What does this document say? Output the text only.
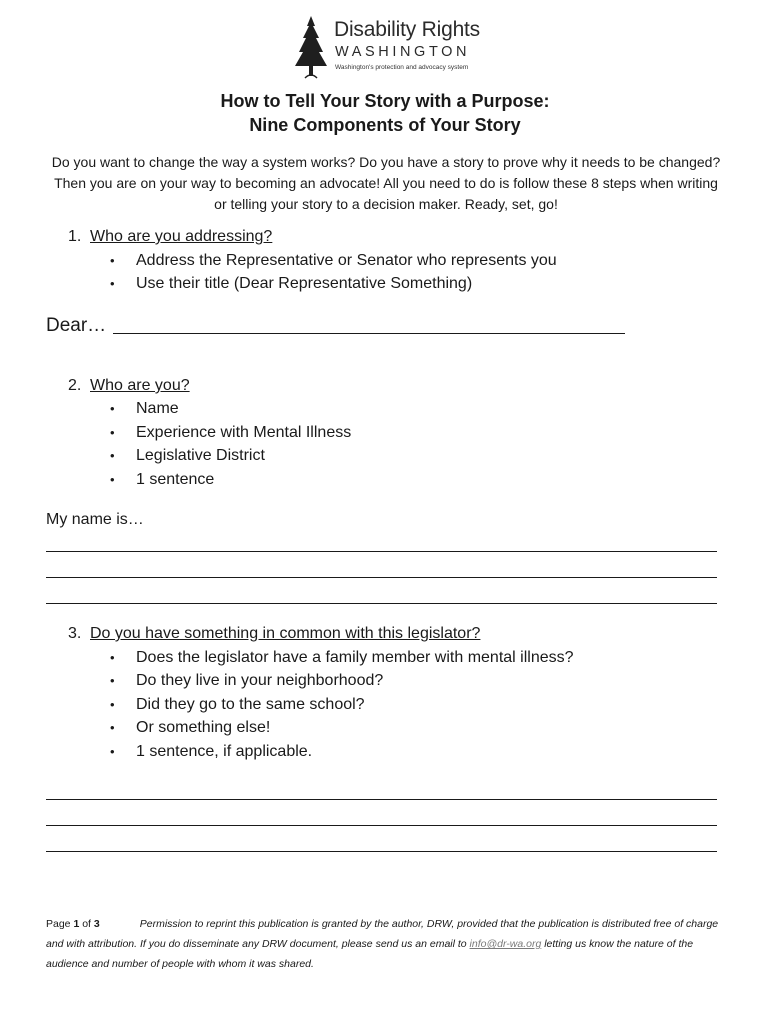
Disability Rights
WASHINGTON
Washington's protection and advocacy system
How to Tell Your Story with a Purpose:
Nine Components of Your Story
Do you want to change the way a system works? Do you have a story to prove why it needs to be changed? Then you are on your way to becoming an advocate! All you need to do is follow these 8 steps when writing or telling your story to a decision maker. Ready, set, go!
1. Who are you addressing?
• Address the Representative or Senator who represents you
• Use their title (Dear Representative Something)
Dear…
2. Who are you?
• Name
• Experience with Mental Illness
• Legislative District
• 1 sentence
My name is…
3. Do you have something in common with this legislator?
• Does the legislator have a family member with mental illness?
• Do they live in your neighborhood?
• Did they go to the same school?
• Or something else!
• 1 sentence, if applicable.
Page 1 of 3	Permission to reprint this publication is granted by the author, DRW, provided that the publication is distributed free of charge and with attribution. If you do disseminate any DRW document, please send us an email to info@dr-wa.org letting us know the nature of the audience and number of people with whom it was shared.
